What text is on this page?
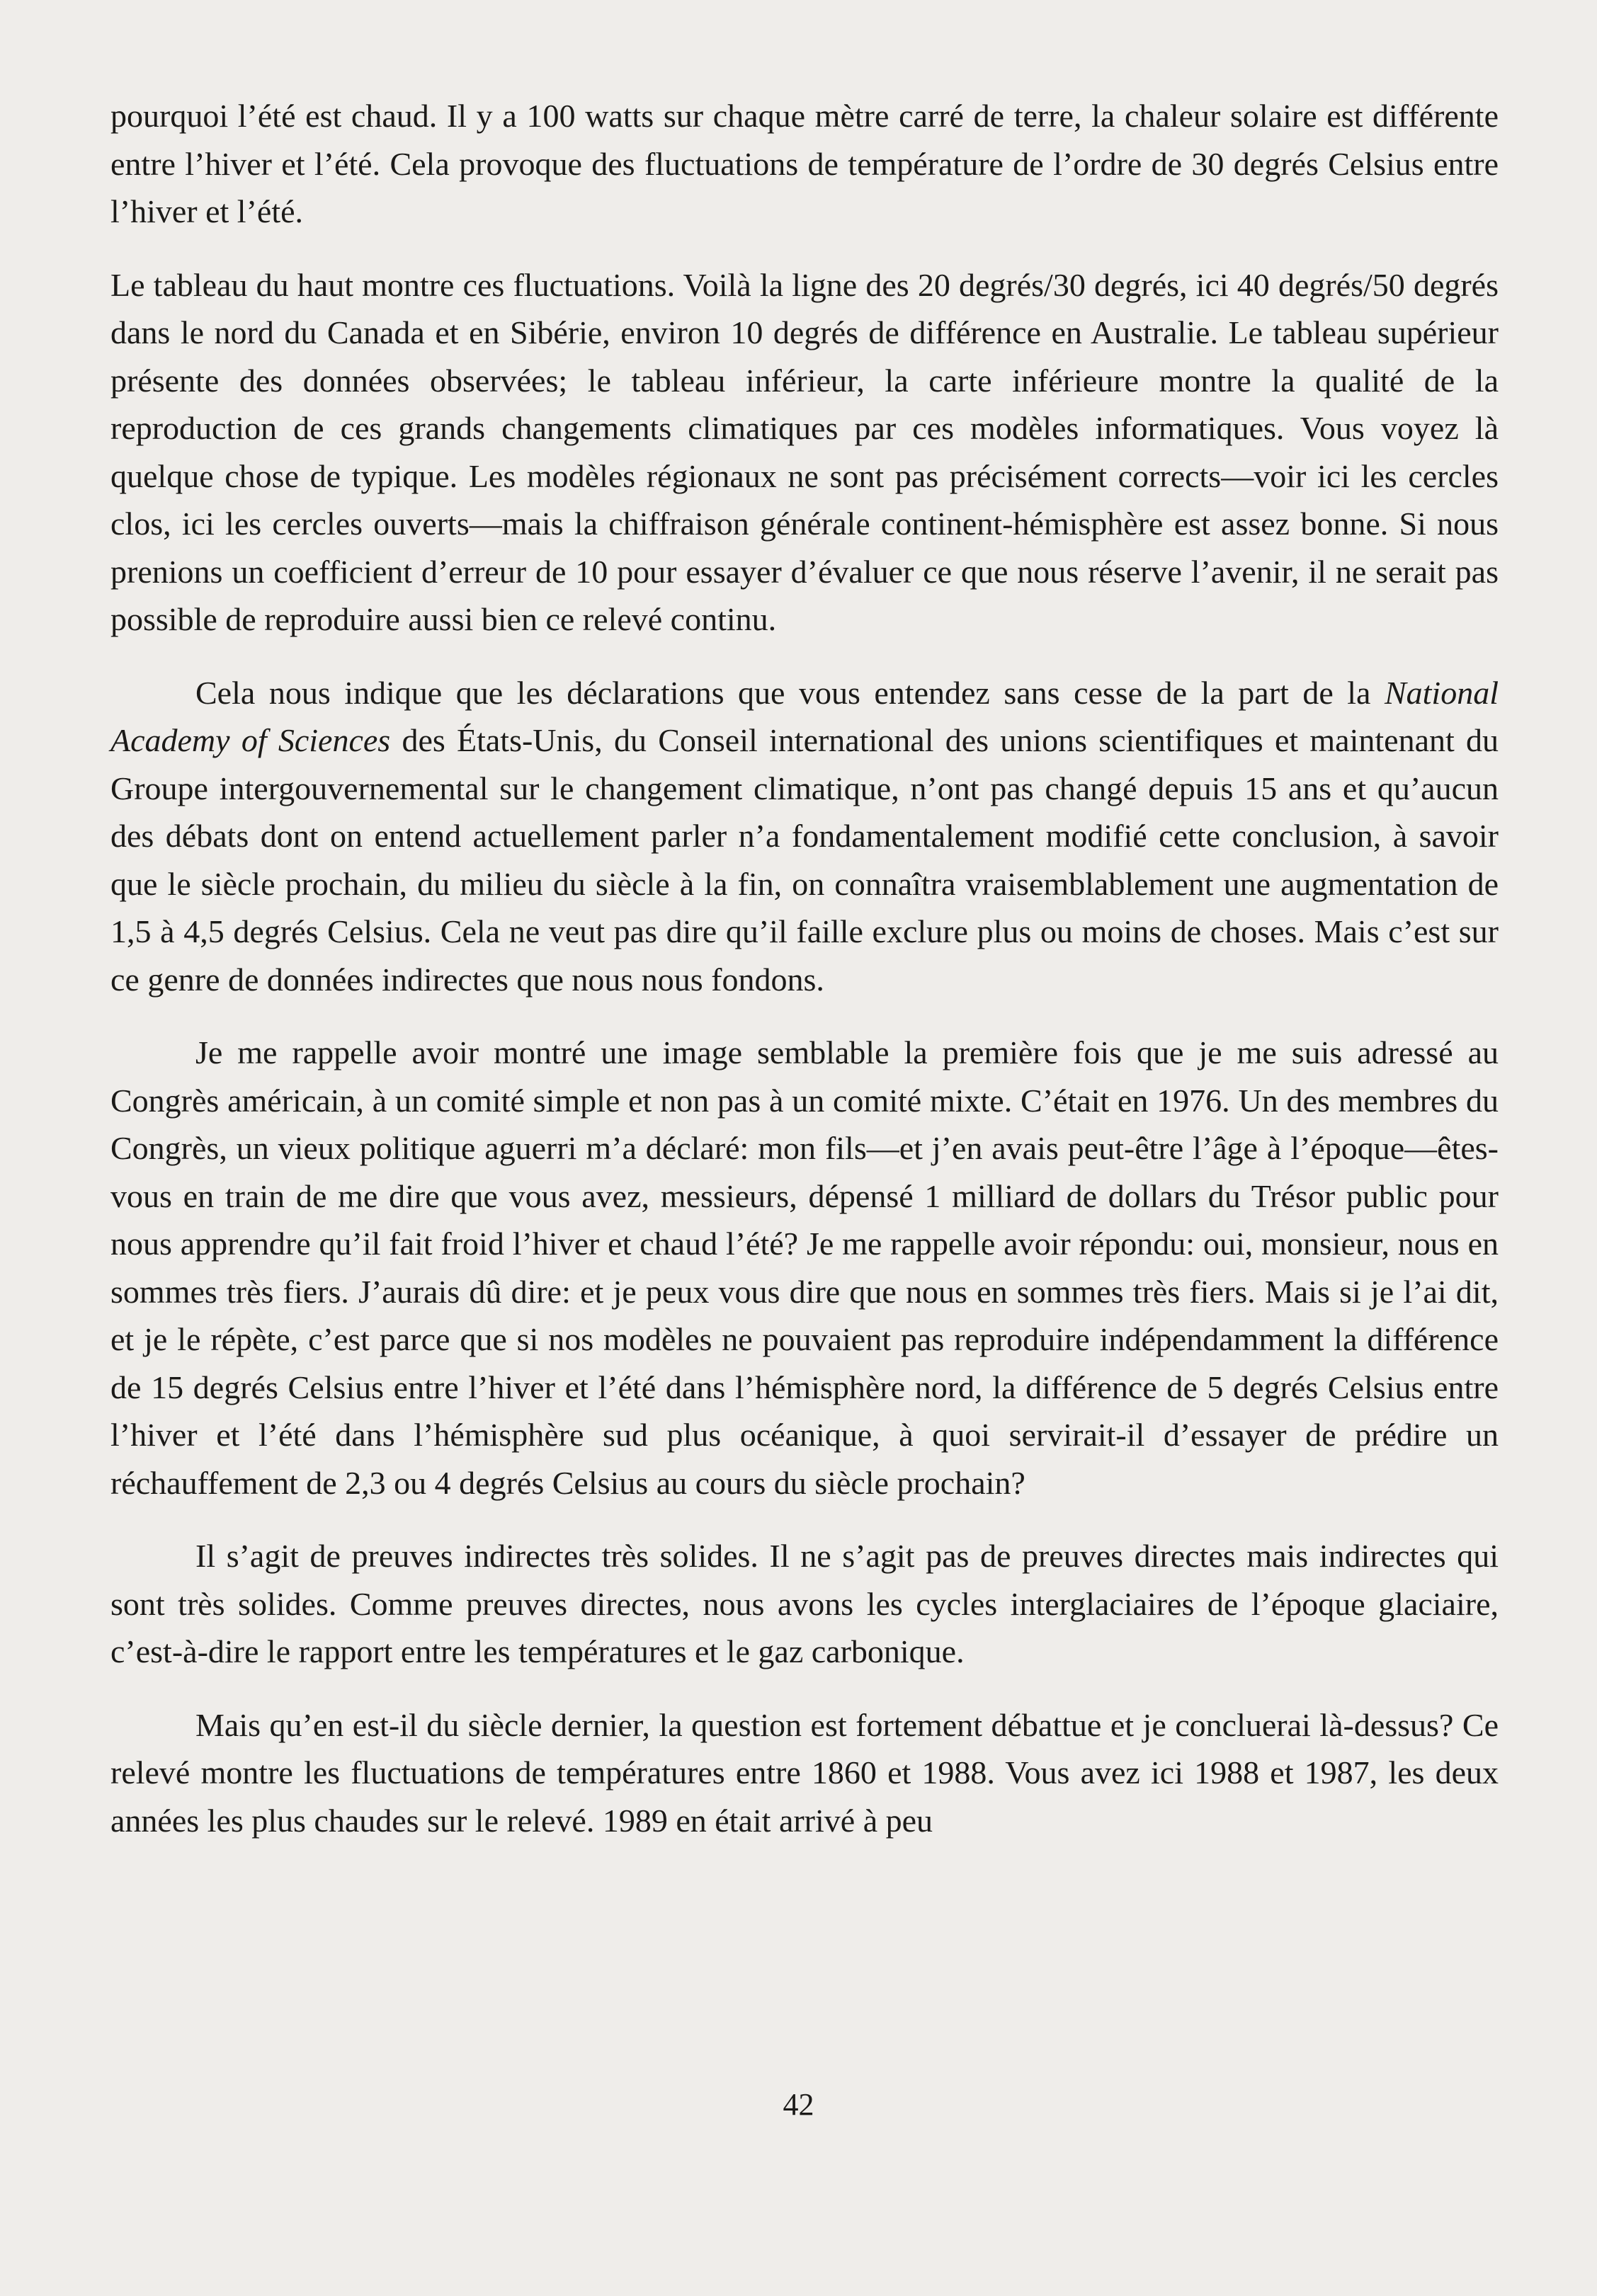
pourquoi l’été est chaud. Il y a 100 watts sur chaque mètre carré de terre, la chaleur solaire est différente entre l’hiver et l’été. Cela provoque des fluctuations de température de l’ordre de 30 degrés Celsius entre l’hiver et l’été.

Le tableau du haut montre ces fluctuations. Voilà la ligne des 20 degrés/30 degrés, ici 40 degrés/50 degrés dans le nord du Canada et en Sibérie, environ 10 degrés de différence en Australie. Le tableau supérieur présente des données observées; le tableau inférieur, la carte inférieure montre la qualité de la reproduction de ces grands changements climatiques par ces modèles informatiques. Vous voyez là quelque chose de typique. Les modèles régionaux ne sont pas précisément corrects—voir ici les cercles clos, ici les cercles ouverts—mais la chiffraison générale continent-hémisphère est assez bonne. Si nous prenions un coefficient d’erreur de 10 pour essayer d’évaluer ce que nous réserve l’avenir, il ne serait pas possible de reproduire aussi bien ce relevé continu.

Cela nous indique que les déclarations que vous entendez sans cesse de la part de la National Academy of Sciences des États-Unis, du Conseil international des unions scientifiques et maintenant du Groupe intergouvernemental sur le changement climatique, n’ont pas changé depuis 15 ans et qu’aucun des débats dont on entend actuellement parler n’a fondamentalement modifié cette conclusion, à savoir que le siècle prochain, du milieu du siècle à la fin, on connaîtra vraisemblablement une augmentation de 1,5 à 4,5 degrés Celsius. Cela ne veut pas dire qu’il faille exclure plus ou moins de choses. Mais c’est sur ce genre de données indirectes que nous nous fondons.

Je me rappelle avoir montré une image semblable la première fois que je me suis adressé au Congrès américain, à un comité simple et non pas à un comité mixte. C’était en 1976. Un des membres du Congrès, un vieux politique aguerri m’a déclaré: mon fils—et j’en avais peut-être l’âge à l’époque—êtes-vous en train de me dire que vous avez, messieurs, dépensé 1 milliard de dollars du Trésor public pour nous apprendre qu’il fait froid l’hiver et chaud l’été? Je me rappelle avoir répondu: oui, monsieur, nous en sommes très fiers. J’aurais dû dire: et je peux vous dire que nous en sommes très fiers. Mais si je l’ai dit, et je le répète, c’est parce que si nos modèles ne pouvaient pas reproduire indépendamment la différence de 15 degrés Celsius entre l’hiver et l’été dans l’hémisphère nord, la différence de 5 degrés Celsius entre l’hiver et l’été dans l’hémisphère sud plus océanique, à quoi servirait-il d’essayer de prédire un réchauffement de 2,3 ou 4 degrés Celsius au cours du siècle prochain?

Il s’agit de preuves indirectes très solides. Il ne s’agit pas de preuves directes mais indirectes qui sont très solides. Comme preuves directes, nous avons les cycles interglaciaires de l’époque glaciaire, c’est-à-dire le rapport entre les températures et le gaz carbonique.

Mais qu’en est-il du siècle dernier, la question est fortement débattue et je concluerai là-dessus? Ce relevé montre les fluctuations de températures entre 1860 et 1988. Vous avez ici 1988 et 1987, les deux années les plus chaudes sur le relevé. 1989 en était arrivé à peu

42
